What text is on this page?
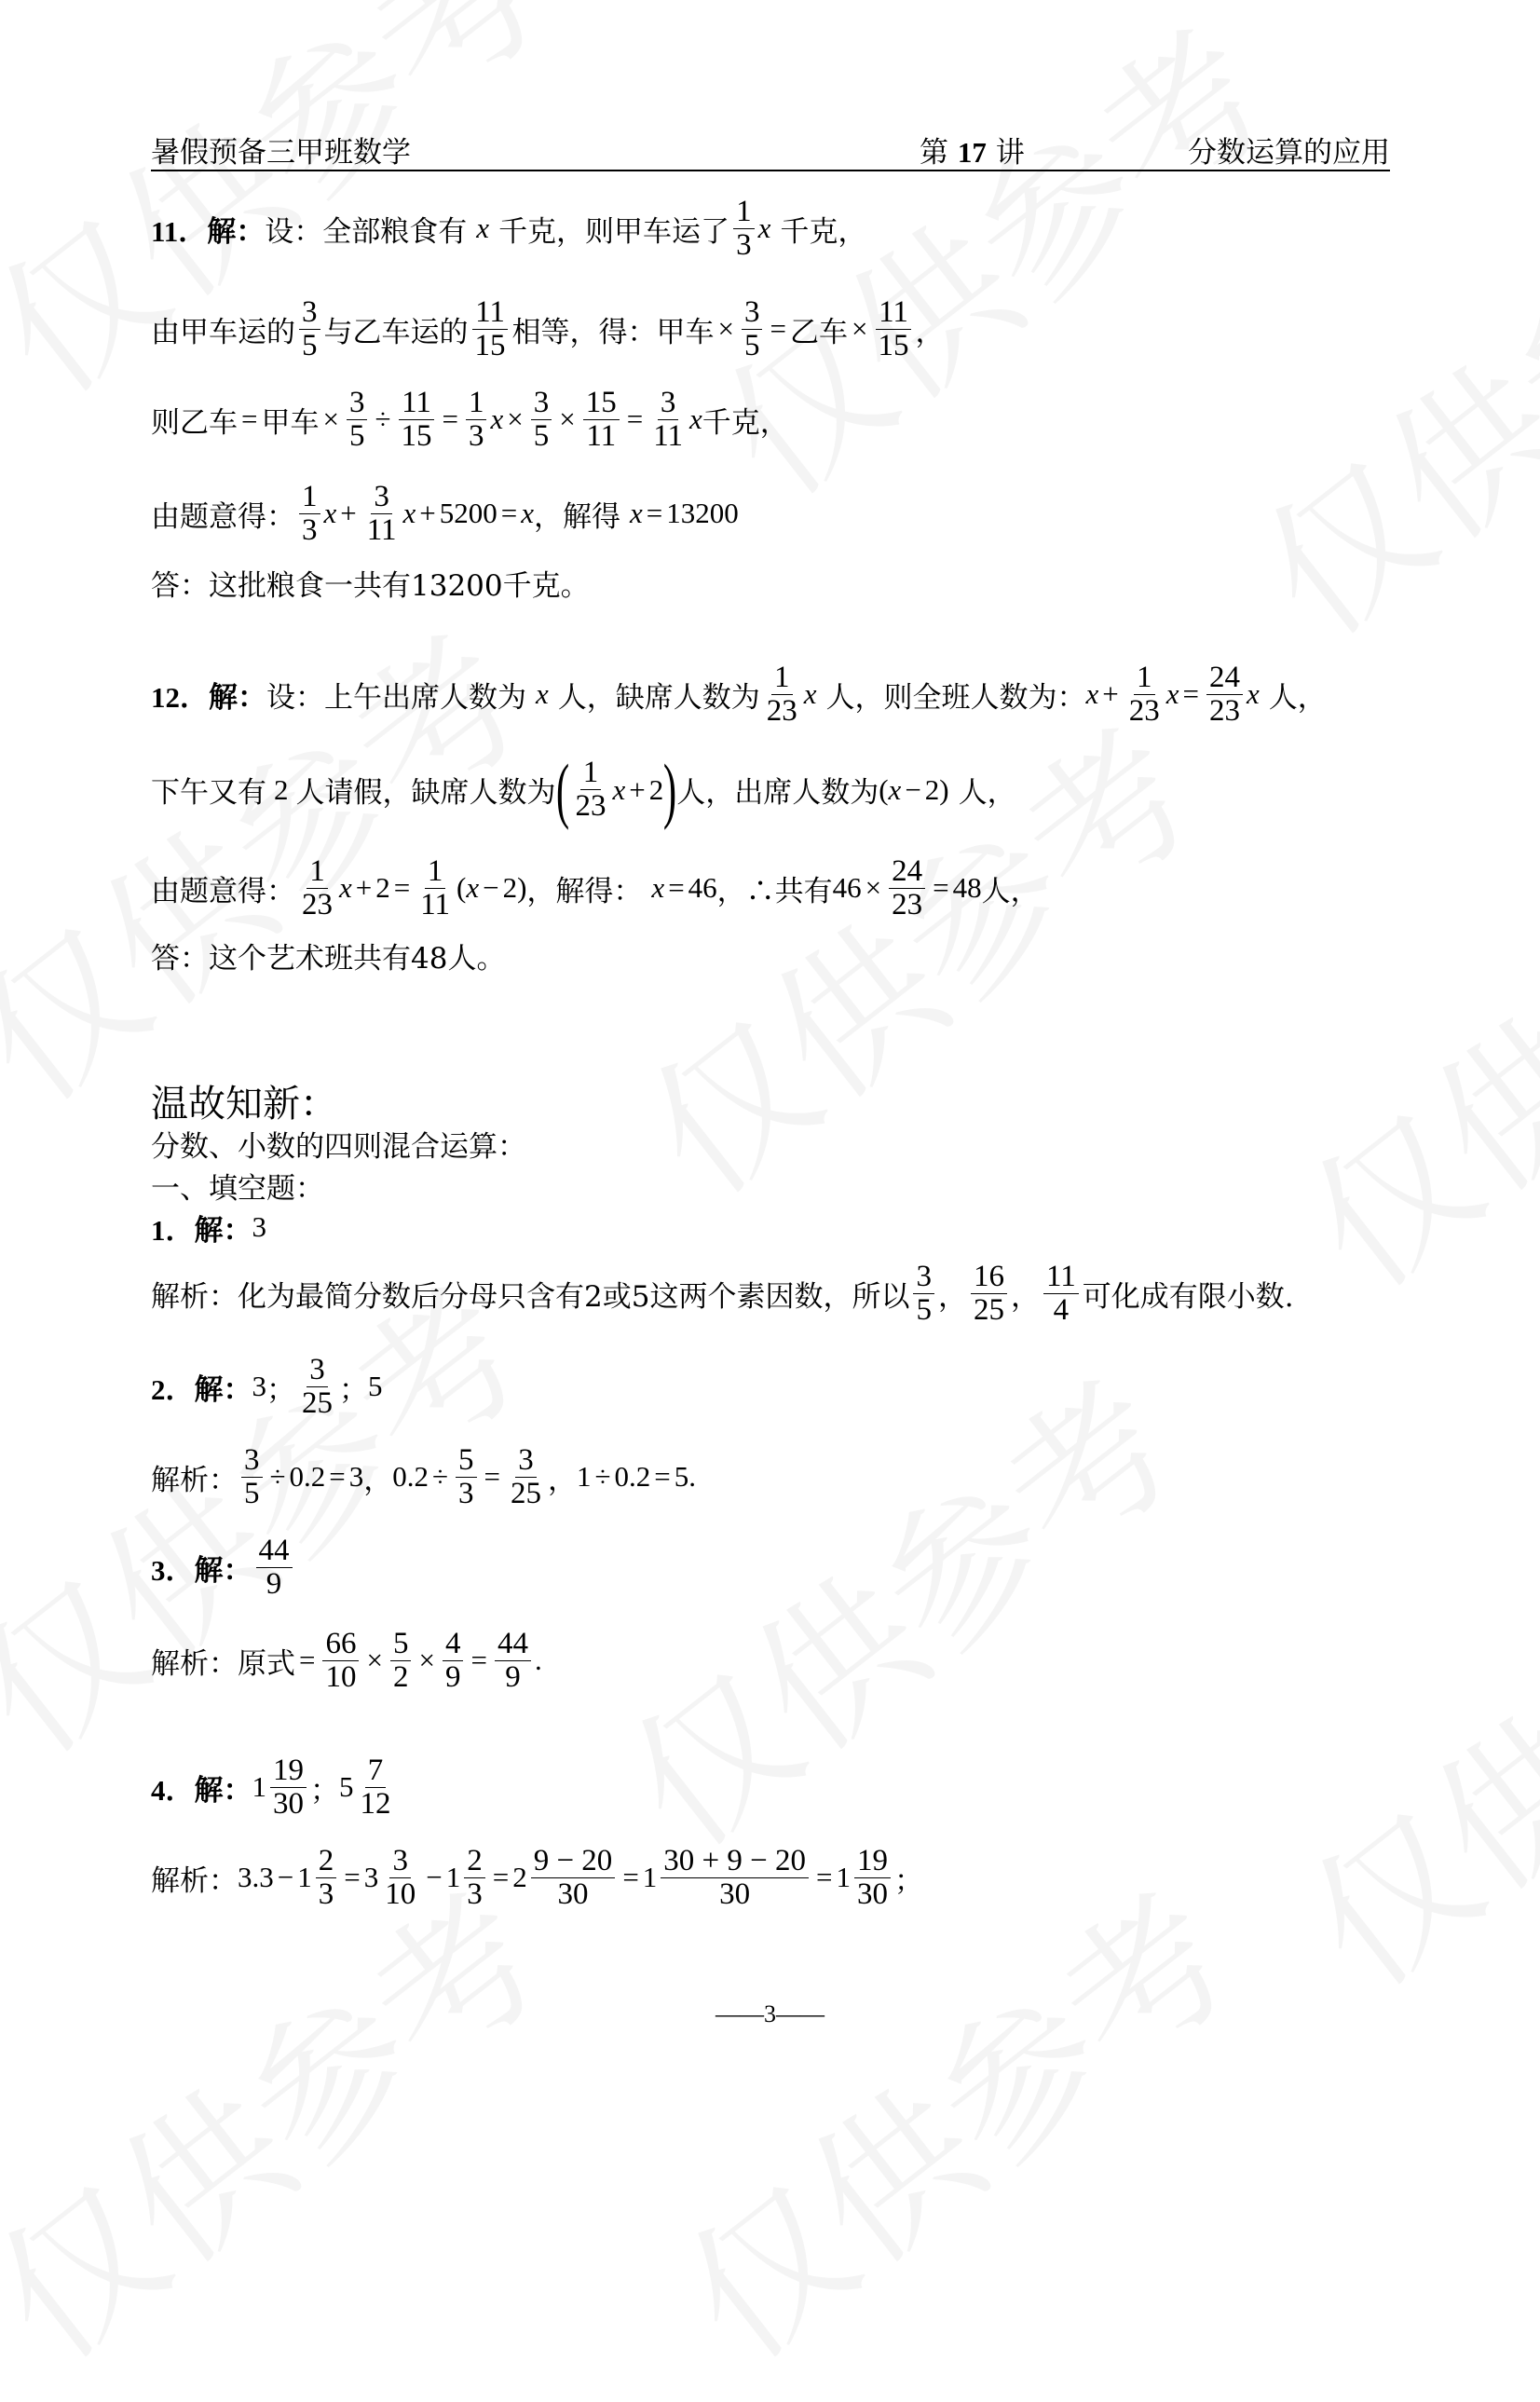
暑假预备三甲班数学	第 17 讲	分数运算的应用
11． 解： 设：全部粮食有 x 千克，则甲车运了 $\frac{1}{3}$ x 千克，
由甲车运的 $\frac{3}{5}$ 与乙车运的 $\frac{11}{15}$ 相等，得：甲车 × $\frac{3}{5}$ = 乙车 × $\frac{11}{15}$ ，
则乙车 = 甲车 × $\frac{3}{5} \div \frac{11}{15} = \frac{1}{3}$ $x \times \frac{3}{5} \times \frac{15}{11} = \frac{3}{11}$ x 千克，
由题意得： $\frac{1}{3}$ $x + \frac{3}{11}$ x + 5200 = x ，解得 x = 13200
答：这批粮食一共有13200千克。
12． 解： 设：上午出席人数为 x 人，缺席人数为 $\frac{1}{23}$ x 人，则全班人数为： $x + \frac{1}{23}$ $x = \frac{24}{23}$ x 人，
下午又有 2 人请假，缺席人数为 ( $\frac{1}{23}$ x + 2 ) 人，出席人数为 ( x − 2 ) 人，
由题意得： $\frac{1}{23}$ $x + 2 = \frac{1}{11}$ ( x − 2 ) ，解得： x = 46 ，∴共有 $46 \times \frac{24}{23} = 48$ 人，
答：这个艺术班共有48人。
温故知新：
分数、小数的四则混合运算：
一、填空题：
1． 解： 3
解析：化为最简分数后分母只含有2或5这两个素因数，所以 $\frac{3}{5}$ ， $\frac{16}{25}$ ， $\frac{11}{4}$ 可化成有限小数.
2． 解： 3 ； $\frac{3}{25}$ ； 5
解析： $\frac{3}{5} \div 0.2 = 3$ ， $0.2 \div \frac{5}{3} = \frac{3}{25}$ ， 1 ÷ 0.2 = 5 .
3． 解： $\frac{44}{9}$
解析：原式 = $\frac{66}{10} \times \frac{5}{2} \times \frac{4}{9} = \frac{44}{9}$ .
4． 解： $1 \frac{19}{30}$ ； $5 \frac{7}{12}$
解析： $3.3 - 1 \frac{2}{3} = 3 \frac{3}{10} - 1 \frac{2}{3} = 2 \frac{9 - 20}{30} = 1 \frac{30 + 9 - 20}{30} = 1 \frac{19}{30}$ ；
——3——
